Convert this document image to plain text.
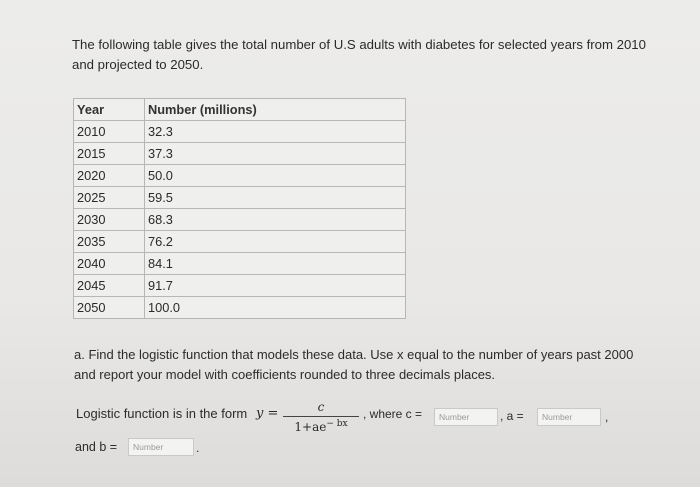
The following table gives the total number of U.S adults with diabetes for selected years from 2010 and projected to 2050.
Year	Number (millions)
2010	32.3
2015	37.3
2020	50.0
2025	59.5
2030	68.3
2035	76.2
2040	84.1
2045	91.7
2050	100.0
a. Find the logistic function that models these data. Use x equal to the number of years past 2000 and report your model with coefficients rounded to three decimals places.
Logistic function is in the form y =	c
$1+ae^{- bx}$
, where c =	Number	, a =	Number	,
and b =	Number	.
